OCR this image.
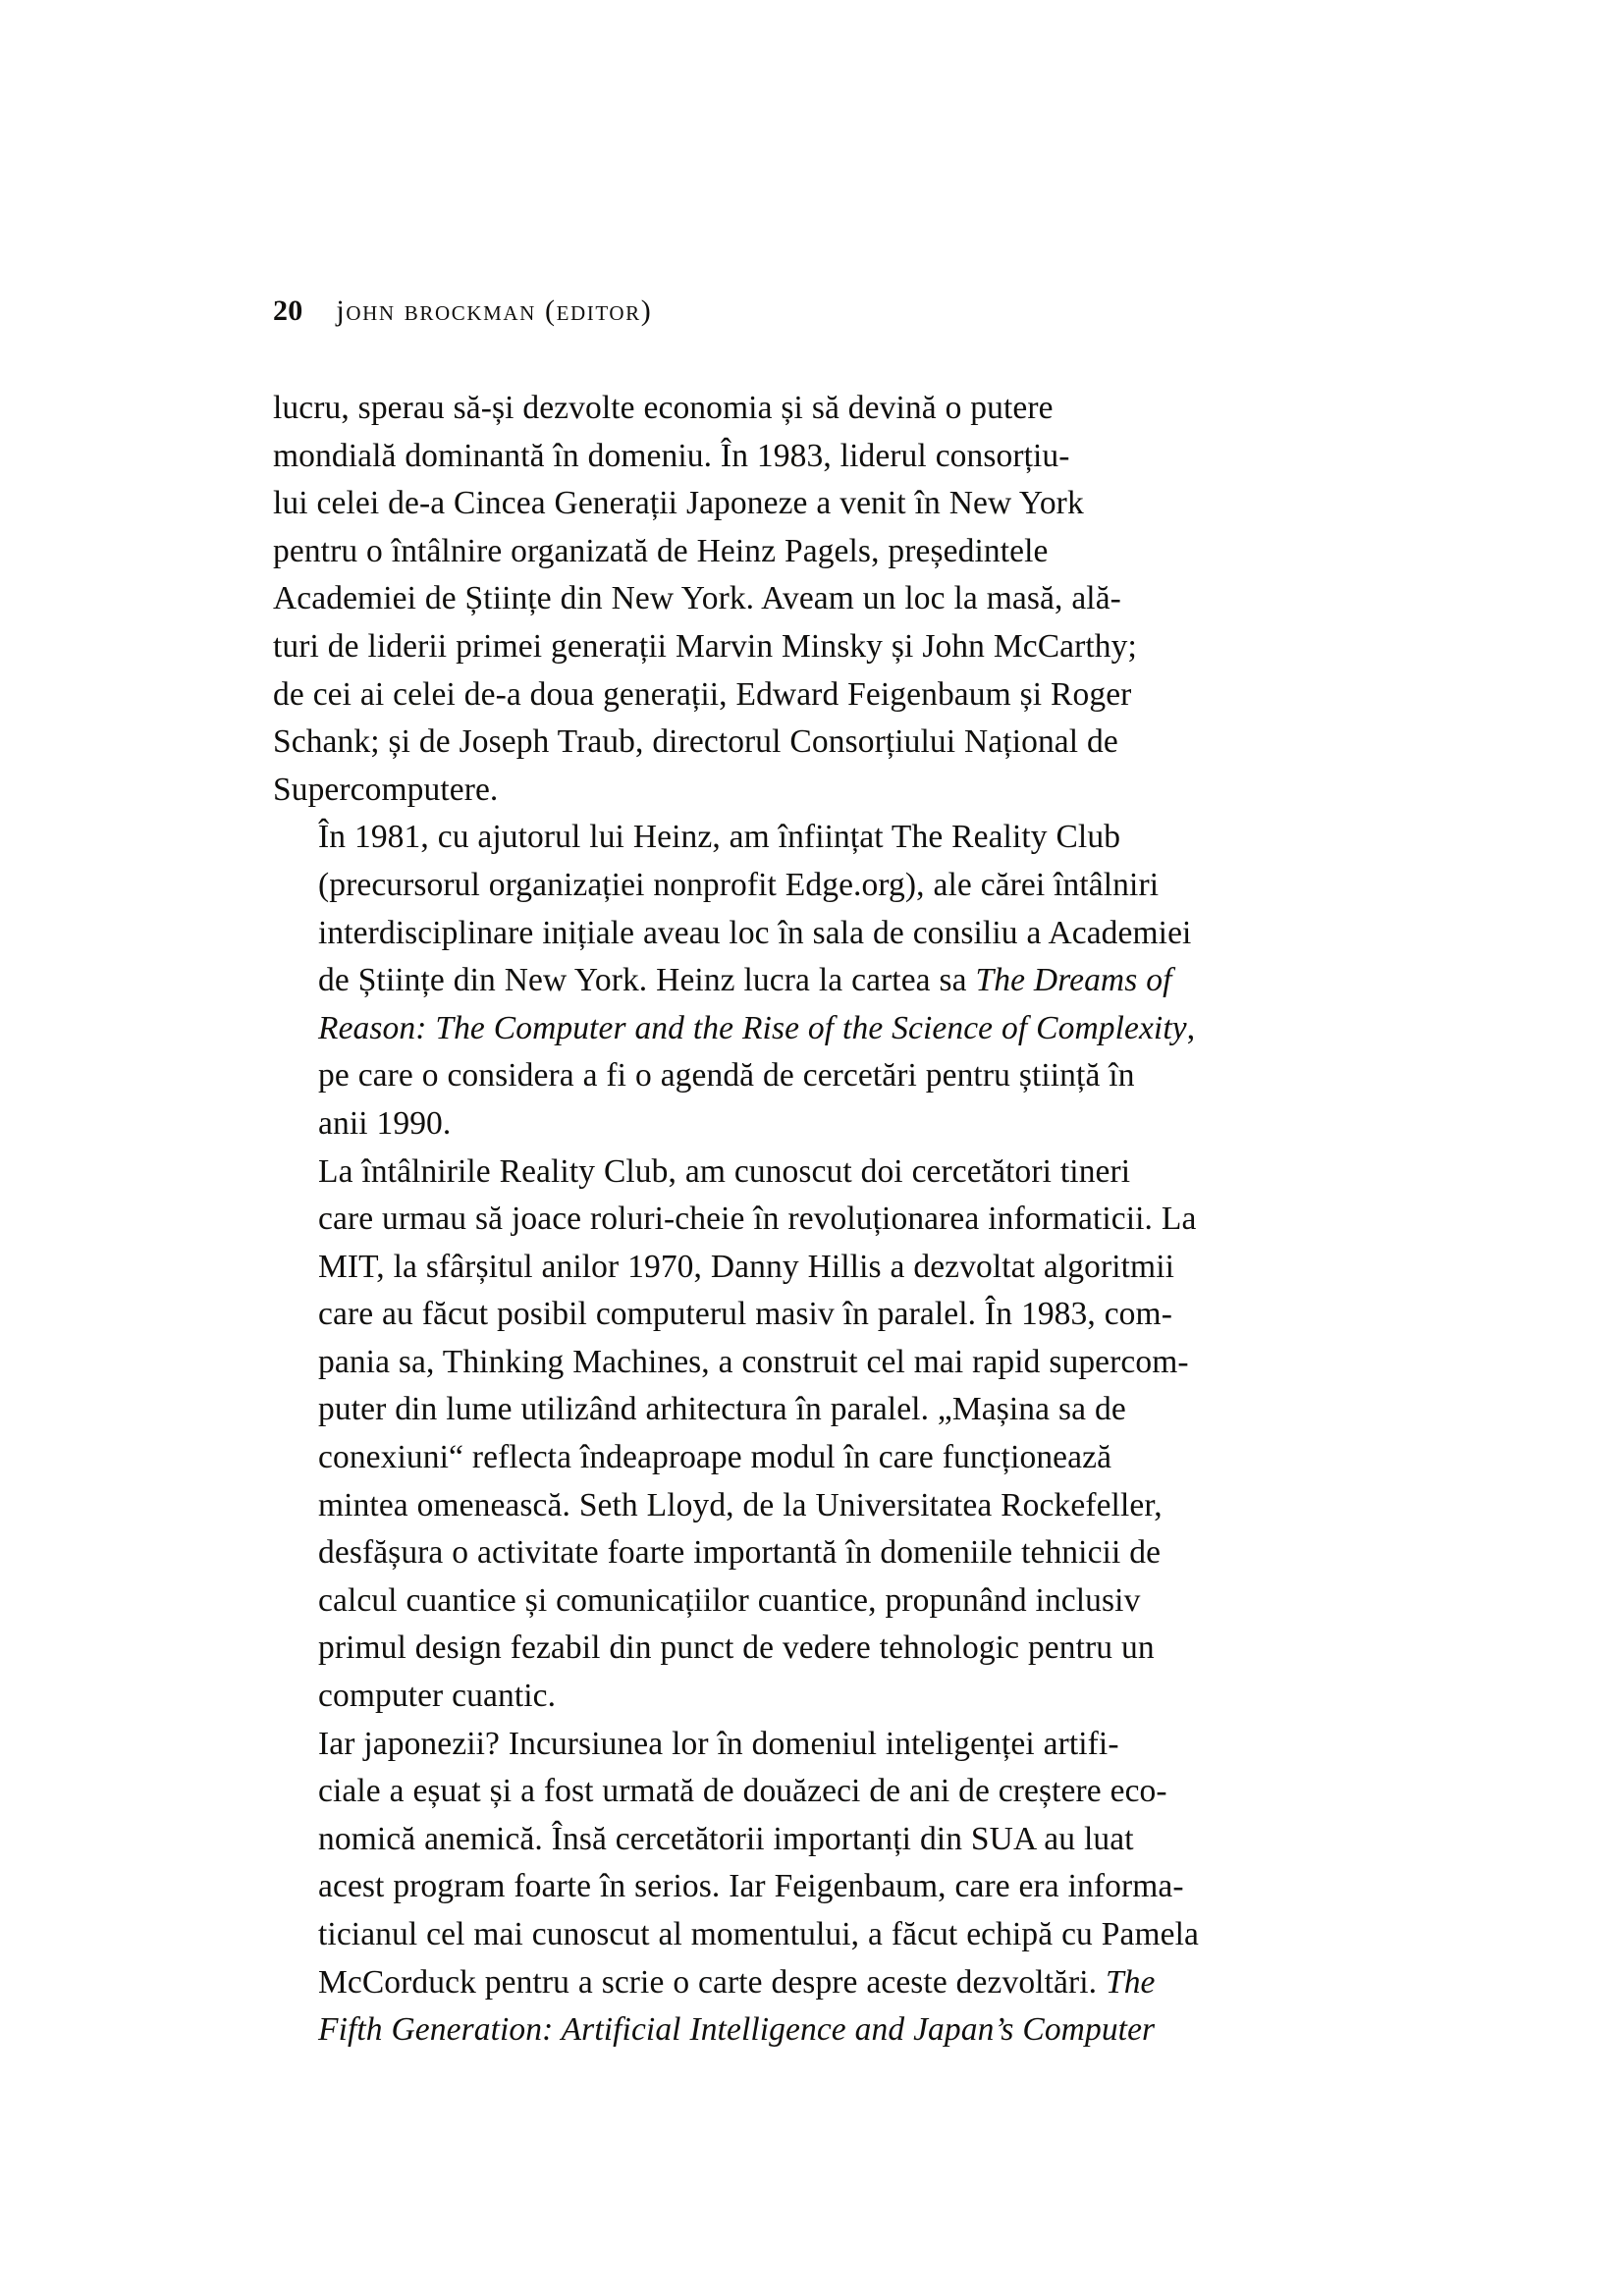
20 john brockman (editor)

lucru, sperau să-și dezvolte economia și să devină o putere
mondială dominantă în domeniu. În 1983, liderul consorțiu-
lui celei de-a Cincea Generații Japoneze a venit în New York
pentru o întâlnire organizată de Heinz Pagels, președintele
Academiei de Științe din New York. Aveam un loc la masă, ală-
turi de liderii primei generații Marvin Minsky și John McCarthy;
de cei ai celei de-a doua generații, Edward Feigenbaum și Roger
Schank; și de Joseph Traub, directorul Consorțiului Național de
Supercomputere.

În 1981, cu ajutorul lui Heinz, am înființat The Reality Club
(precursorul organizației nonprofit Edge.org), ale cărei întâlniri
interdisciplinare inițiale aveau loc în sala de consiliu a Academiei
de Științe din New York. Heinz lucra la cartea sa The Dreams of
Reason: The Computer and the Rise of the Science of Complexity,
pe care o considera a fi o agendă de cercetări pentru știință în
anii 1990.

La întâlnirile Reality Club, am cunoscut doi cercetători tineri
care urmau să joace roluri-cheie în revoluționarea informaticii. La
MIT, la sfârșitul anilor 1970, Danny Hillis a dezvoltat algoritmii
care au făcut posibil computerul masiv în paralel. În 1983, com-
pania sa, Thinking Machines, a construit cel mai rapid supercom-
puter din lume utilizând arhitectura în paralel. „Mașina sa de
conexiuni“ reflecta îndeaproape modul în care funcționează
mintea omenească. Seth Lloyd, de la Universitatea Rockefeller,
desfășura o activitate foarte importantă în domeniile tehnicii de
calcul cuantice și comunicațiilor cuantice, propunând inclusiv
primul design fezabil din punct de vedere tehnologic pentru un
computer cuantic.

Iar japonezii? Incursiunea lor în domeniul inteligenței artifi-
ciale a eșuat și a fost urmată de douăzeci de ani de creștere eco-
nomică anemică. Însă cercetătorii importanți din SUA au luat
acest program foarte în serios. Iar Feigenbaum, care era informa-
ticianul cel mai cunoscut al momentului, a făcut echipă cu Pamela
McCorduck pentru a scrie o carte despre aceste dezvoltări. The
Fifth Generation: Artificial Intelligence and Japan’s Computer
